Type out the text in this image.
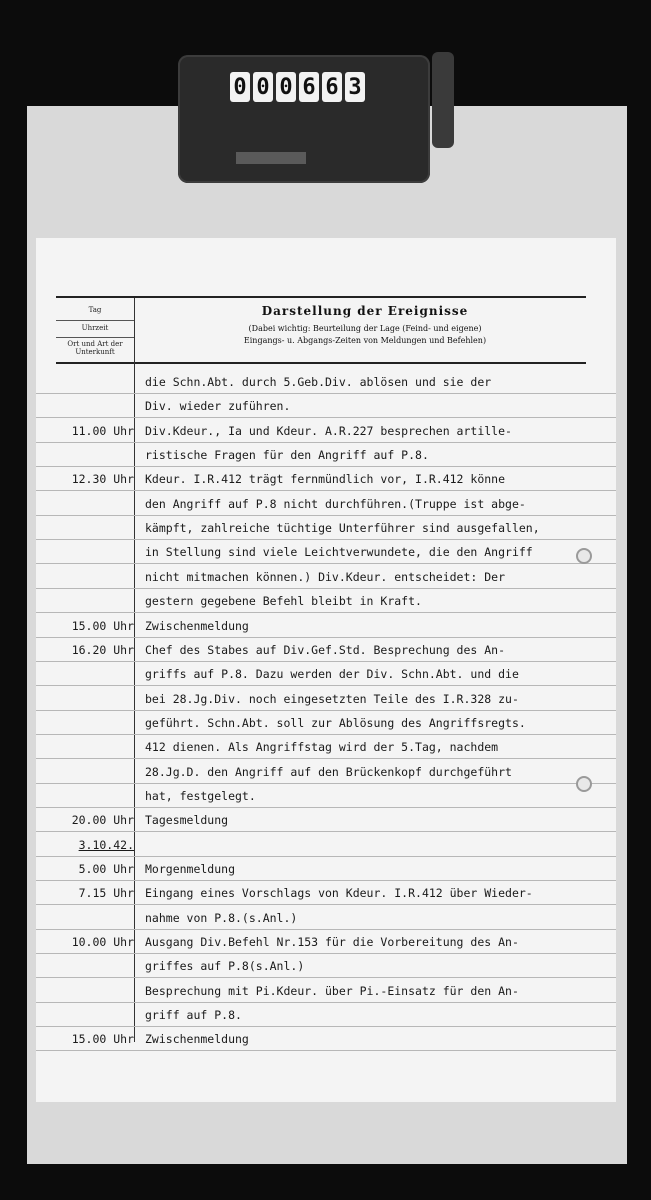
0 0 0 6 6 3
Tag
Uhrzeit
Ort und Art der Unterkunft
Darstellung der Ereignisse
(Dabei wichtig: Beurteilung der Lage (Feind- und eigene)
Eingangs- u. Abgangs-Zeiten von Meldungen und Befehlen)
die Schn.Abt. durch 5.Geb.Div. ablösen und sie der
Div. wieder zuführen.
11.00 Uhr Div.Kdeur., Ia und Kdeur. A.R.227 besprechen artille-
ristische Fragen für den Angriff auf P.8.
12.30 Uhr Kdeur. I.R.412 trägt fernmündlich vor, I.R.412 könne
den Angriff auf P.8 nicht durchführen.(Truppe ist abge-
kämpft, zahlreiche tüchtige Unterführer sind ausgefallen,
in Stellung sind viele Leichtverwundete, die den Angriff
nicht mitmachen können.) Div.Kdeur. entscheidet: Der
gestern gegebene Befehl bleibt in Kraft.
15.00 Uhr Zwischenmeldung
16.20 Uhr Chef des Stabes auf Div.Gef.Std. Besprechung des An-
griffs auf P.8. Dazu werden der Div. Schn.Abt. und die
bei 28.Jg.Div. noch eingesetzten Teile des I.R.328 zu-
geführt. Schn.Abt. soll zur Ablösung des Angriffsregts.
412 dienen. Als Angriffstag wird der 5.Tag, nachdem
28.Jg.D. den Angriff auf den Brückenkopf durchgeführt
hat, festgelegt.
20.00 Uhr Tagesmeldung
3.10.42.
5.00 Uhr Morgenmeldung
7.15 Uhr Eingang eines Vorschlags von Kdeur. I.R.412 über Wieder-
nahme von P.8.(s.Anl.)
10.00 Uhr Ausgang Div.Befehl Nr.153 für die Vorbereitung des An-
griffes auf P.8(s.Anl.)
Besprechung mit Pi.Kdeur. über Pi.-Einsatz für den An-
griff auf P.8.
15.00 Uhr Zwischenmeldung
